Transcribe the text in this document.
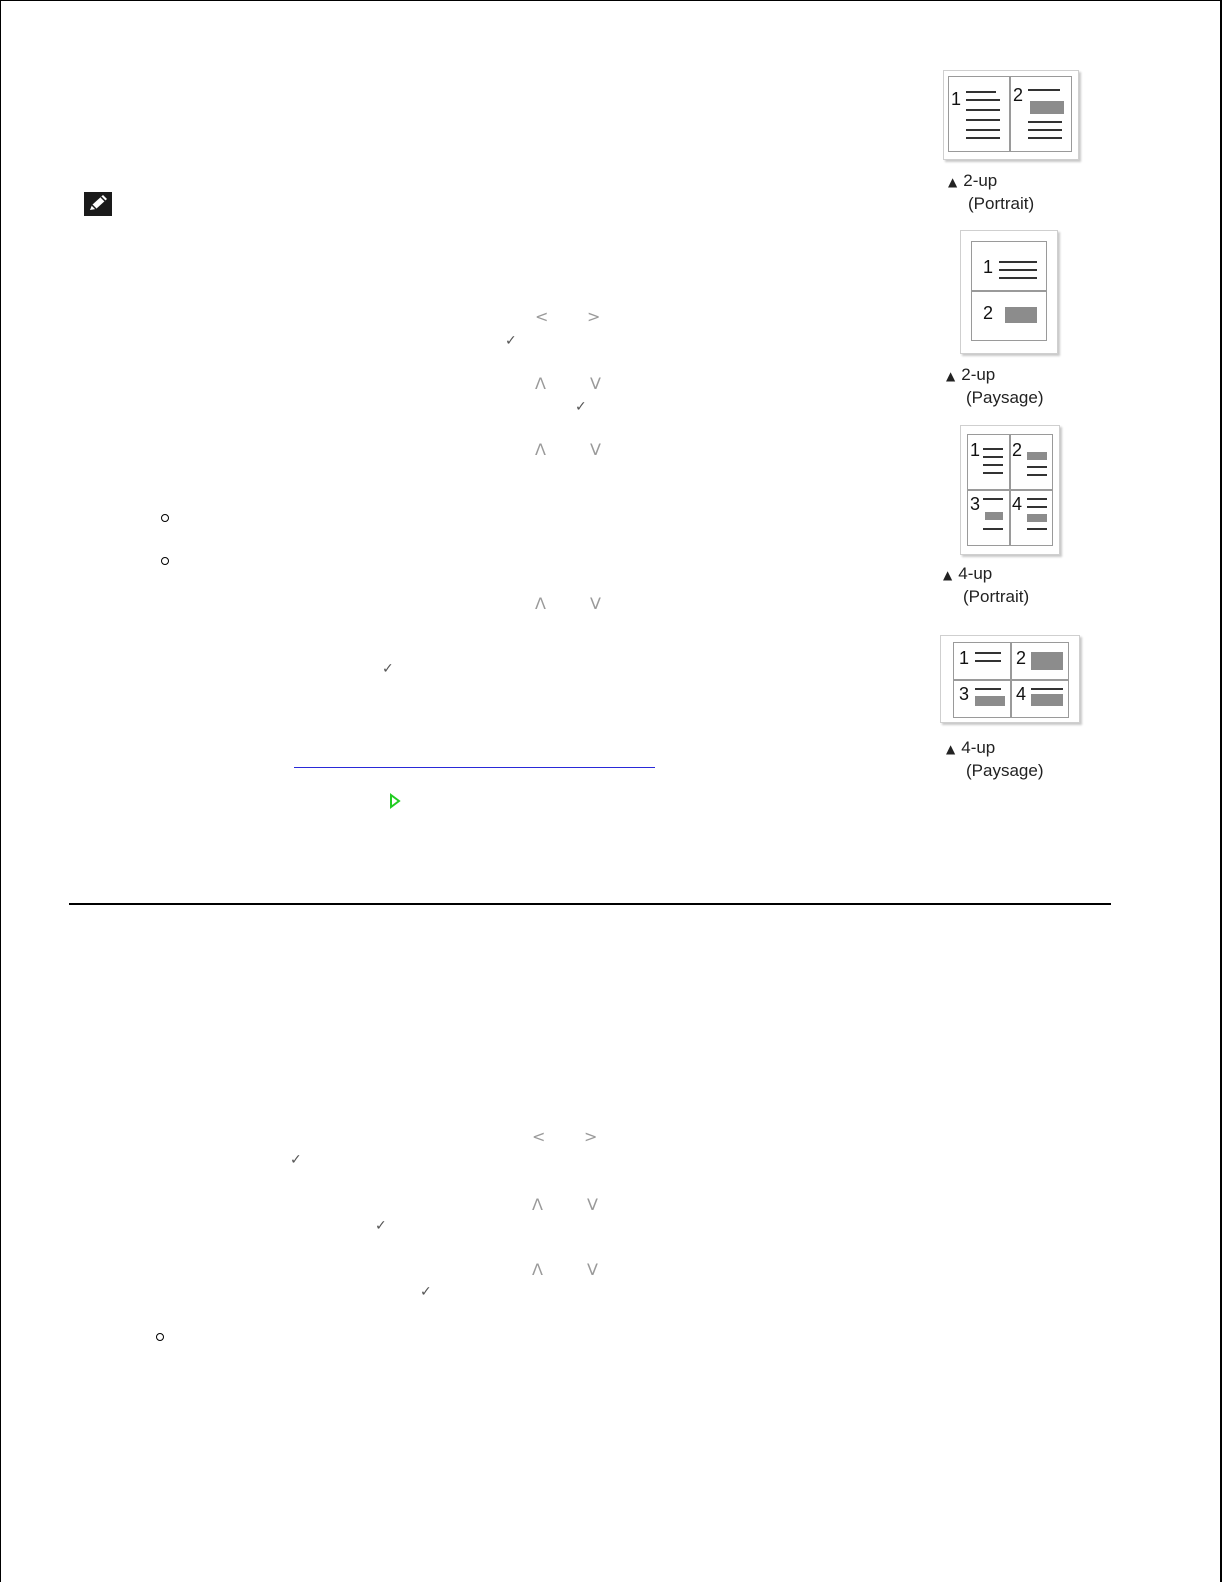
< >
✓
Λ	V
✓
Λ	V
Λ	V
✓
< >
✓
Λ	V
✓
Λ	V
✓
1	2
▲ 2-up
(Portrait)
1
2
▲ 2-up
(Paysage)
1 2
3 4
▲ 4-up
(Portrait)
1	2
3	4
▲ 4-up
(Paysage)
